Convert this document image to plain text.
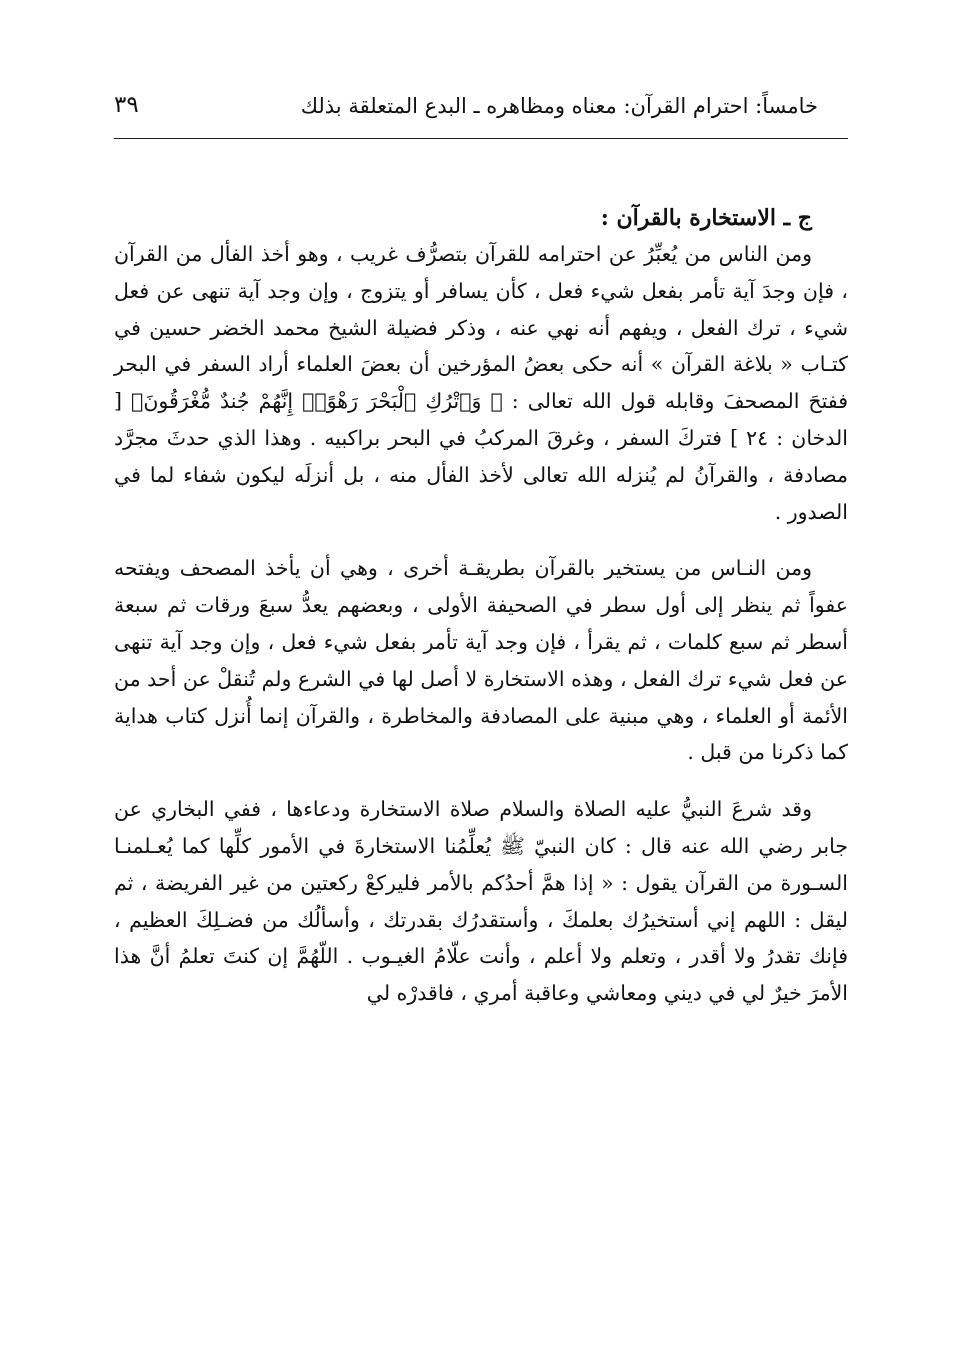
خامساً: احترام القرآن: معناه ومظاهره ـ البدع المتعلقة بذلك
٣٩
ج ـ الاستخارة بالقرآن :

ومن الناس من يُعبِّرُ عن احترامه للقرآن بتصرُّف غريب ، وهو أخذ الفأل من القرآن ، فإن وجدَ آية تأمر بفعل شيء فعل ، كأن يسافر أو يتزوج ، وإن وجد آية تنهى عن فعل شيء ، ترك الفعل ، ويفهم أنه نهي عنه ، وذكر فضيلة الشيخ محمد الخضر حسين في كتـاب « بلاغة القرآن » أنه حكى بعضُ المؤرخين أن بعضَ العلماء أراد السفر في البحر ففتحَ المصحفَ وقابله قول الله تعالى : ﴿ وَٱتْرُكِ ٱلْبَحْرَ رَهْوًاۖ إِنَّهُمْ جُندٌ مُّغْرَقُونَ﴾ [ الدخان : ٢٤ ] فتركَ السفر ، وغرقَ المركبُ في البحر براكبيه . وهذا الذي حدثَ مجرَّد مصادفة ، والقرآنُ لم يُنزله الله تعالى لأخذ الفأل منه ، بل أنزلَه ليكون شفاء لما في الصدور .

ومن النـاس من يستخير بالقرآن بطريقـة أخرى ، وهي أن يأخذ المصحف ويفتحه عفواً ثم ينظر إلى أول سطر في الصحيفة الأولى ، وبعضهم يعدُّ سبعَ ورقات ثم سبعة أسطر ثم سبع كلمات ، ثم يقرأ ، فإن وجد آية تأمر بفعل شيء فعل ، وإن وجد آية تنهى عن فعل شيء ترك الفعل ، وهذه الاستخارة لا أصل لها في الشرع ولم تُنقلْ عن أحد من الأئمة أو العلماء ، وهي مبنية على المصادفة والمخاطرة ، والقرآن إنما أُنزل كتاب هداية كما ذكرنا من قبل .

وقد شرعَ النبيُّ عليه الصلاة والسلام صلاة الاستخارة ودعاءها ، ففي البخاري عن جابر رضي الله عنه قال : كان النبيّ ﷺ يُعلِّمُنا الاستخارةَ في الأمور كلِّها كما يُعـلمنـا السـورة من القرآن يقول : « إذا همَّ أحدُكم بالأمر فليركعْ ركعتين من غير الفريضة ، ثم ليقل : اللهم إني أستخيرُك بعلمكَ ، وأستقدرُك بقدرتك ، وأسألُك من فضـلِكَ العظيم ، فإنك تقدرُ ولا أقدر ، وتعلم ولا أعلم ، وأنت علّامُ الغيـوب . اللّهُمَّ إن كنتَ تعلمُ أنَّ هذا الأمرَ خيرٌ لي في ديني ومعاشي وعاقبة أمري ، فاقدرْه لي
